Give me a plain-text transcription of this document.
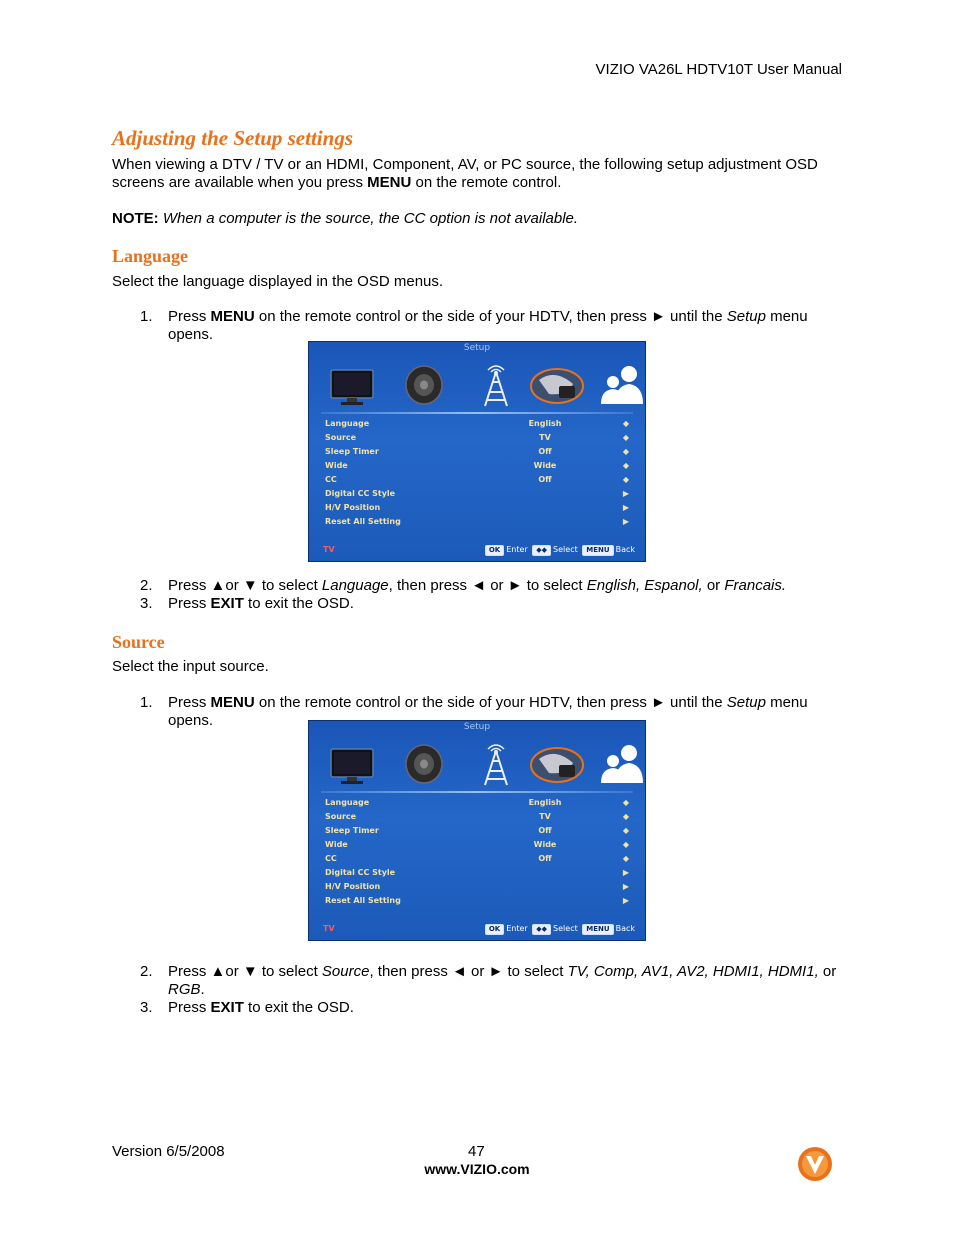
VIZIO VA26L HDTV10T User Manual
Adjusting the Setup settings
When viewing a DTV / TV or an HDMI, Component, AV, or PC source, the following setup adjustment OSD screens are available when you press MENU on the remote control.
NOTE: When a computer is the source, the CC option is not available.
Language
Select the language displayed in the OSD menus.
1. Press MENU on the remote control or the side of your HDTV, then press ► until the Setup menu opens.
Setup
Language	English	◆
Source	TV	◆
Sleep Timer	Off	◆
Wide	Wide	◆
CC	Off	◆
Digital CC Style	▶
H/V Position	▶
Reset All Setting	▶
TV	OK Enter ◆◆ Select MENU Back
2. Press ▲or ▼ to select Language, then press ◄ or ► to select English, Espanol, or Francais.
3. Press EXIT to exit the OSD.
Source
Select the input source.
1. Press MENU on the remote control or the side of your HDTV, then press ► until the Setup menu opens.	Setup
Language	English	◆
Source	TV	◆
Sleep Timer	Off	◆
Wide	Wide	◆
CC	Off	◆
Digital CC Style	▶
H/V Position	▶
Reset All Setting	▶
TV	OK Enter ◆◆ Select MENU Back
2. Press ▲or ▼ to select Source, then press ◄ or ► to select TV, Comp, AV1, AV2, HDMI1, HDMI1, or RGB.
3. Press EXIT to exit the OSD.
Version 6/5/2008	47
www.VIZIO.com
